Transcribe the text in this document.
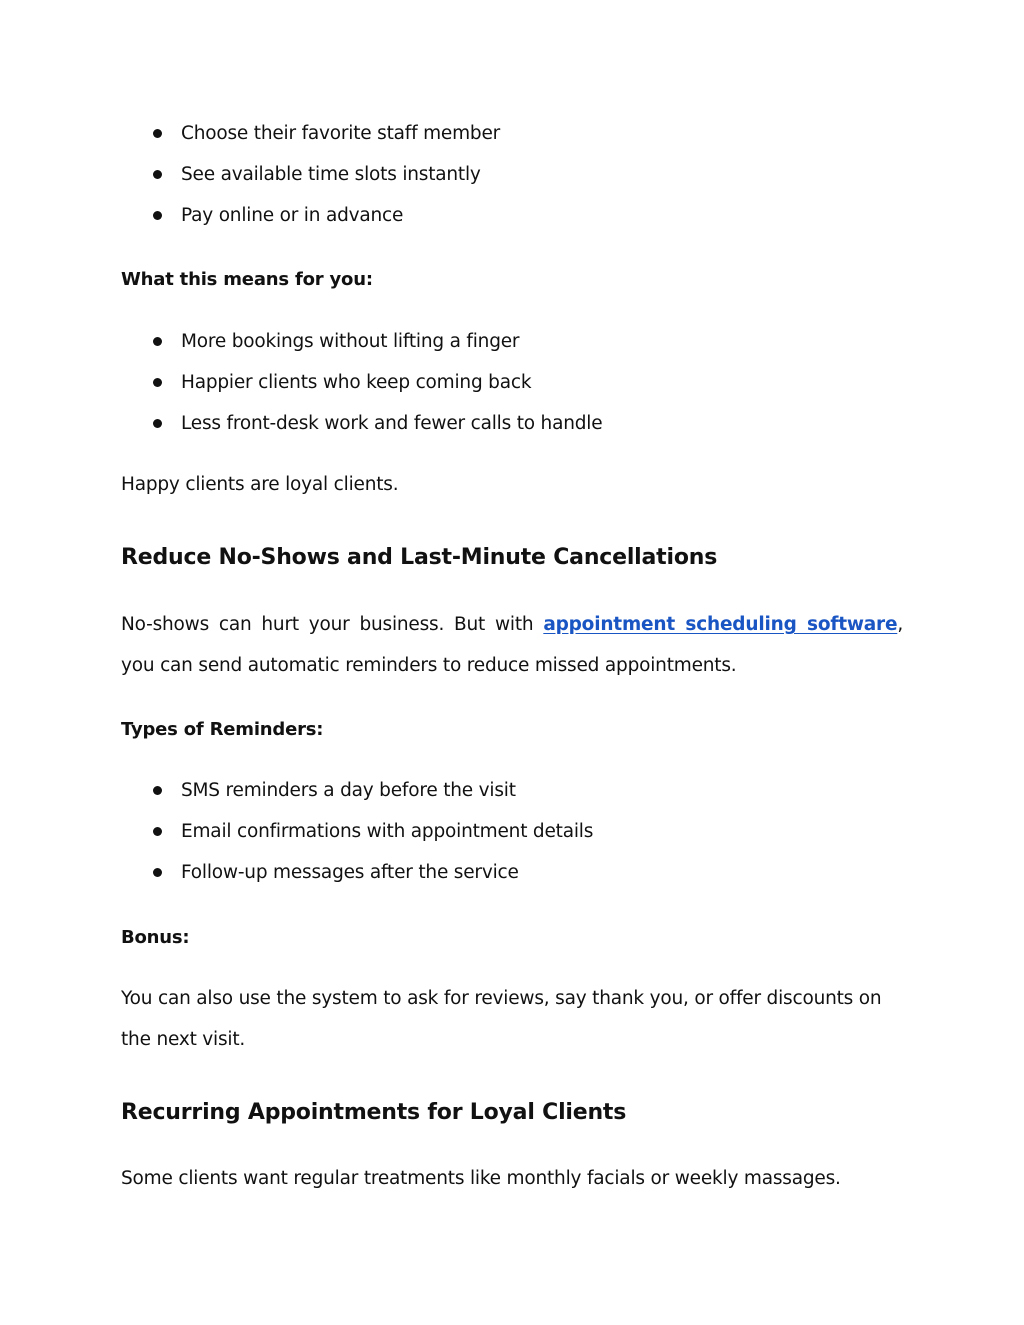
Choose their favorite staff member
See available time slots instantly
Pay online or in advance
What this means for you:
More bookings without lifting a finger
Happier clients who keep coming back
Less front-desk work and fewer calls to handle

Happy clients are loyal clients.

Reduce No-Shows and Last-Minute Cancellations

No-shows can hurt your business. But with appointment scheduling software, you can send automatic reminders to reduce missed appointments.

Types of Reminders:
SMS reminders a day before the visit
Email confirmations with appointment details
Follow-up messages after the service
Bonus:

You can also use the system to ask for reviews, say thank you, or offer discounts on the next visit.

Recurring Appointments for Loyal Clients

Some clients want regular treatments like monthly facials or weekly massages.
